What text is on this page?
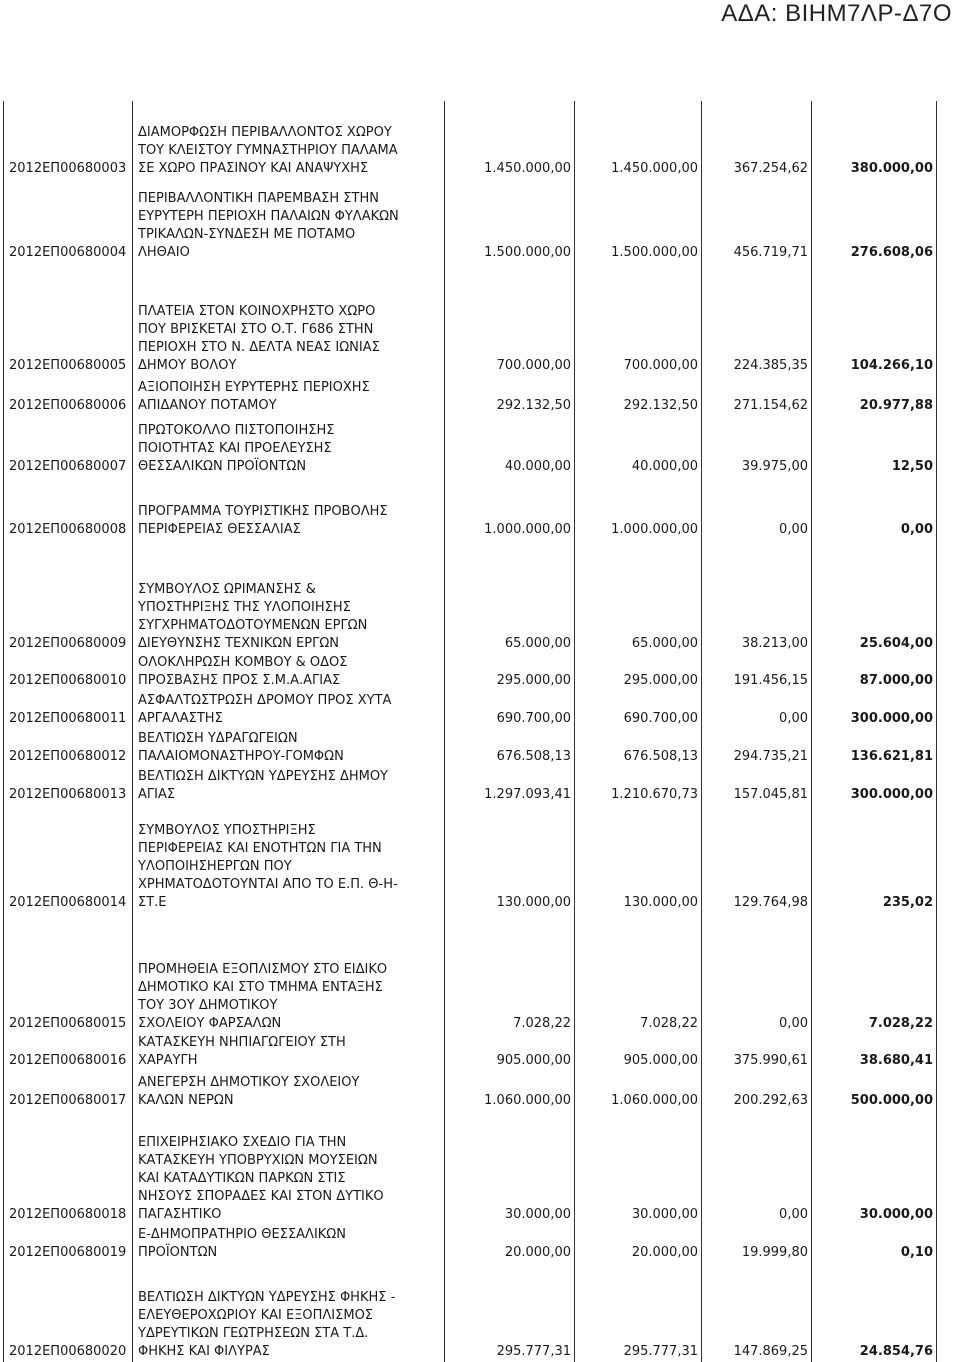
ΑΔΑ: ΒΙΗΜ7ΛΡ-Δ7Ο
2012ΕΠ00680003	ΔΙΑΜΟΡΦΩΣΗ ΠΕΡΙΒΑΛΛΟΝΤΟΣ ΧΩΡΟΥ
ΤΟΥ ΚΛΕΙΣΤΟΥ ΓΥΜΝΑΣΤΗΡΙΟΥ ΠΑΛΑΜΑ
ΣΕ ΧΩΡΟ ΠΡΑΣΙΝΟΥ ΚΑΙ ΑΝΑΨΥΧΗΣ	1.450.000,00	1.450.000,00	367.254,62	380.000,00
2012ΕΠ00680004	ΠΕΡΙΒΑΛΛΟΝΤΙΚΗ ΠΑΡΕΜΒΑΣΗ ΣΤΗΝ
ΕΥΡΥΤΕΡΗ ΠΕΡΙΟΧΗ ΠΑΛΑΙΩΝ ΦΥΛΑΚΩΝ
ΤΡΙΚΑΛΩΝ-ΣΥΝΔΕΣΗ ΜΕ ΠΟΤΑΜΟ
ΛΗΘΑΙΟ	1.500.000,00	1.500.000,00	456.719,71	276.608,06
2012ΕΠ00680005	ΠΛΑΤΕΙΑ ΣΤΟΝ ΚΟΙΝΟΧΡΗΣΤΟ ΧΩΡΟ
ΠΟΥ ΒΡΙΣΚΕΤΑΙ ΣΤΟ Ο.Τ. Γ686 ΣΤΗΝ
ΠΕΡΙΟΧΗ ΣΤΟ Ν. ΔΕΛΤΑ ΝΕΑΣ ΙΩΝΙΑΣ
ΔΗΜΟΥ ΒΟΛΟΥ	700.000,00	700.000,00	224.385,35	104.266,10
2012ΕΠ00680006	ΑΞΙΟΠΟΙΗΣΗ ΕΥΡΥΤΕΡΗΣ ΠΕΡΙΟΧΗΣ
ΑΠΙΔΑΝΟΥ ΠΟΤΑΜΟΥ	292.132,50	292.132,50	271.154,62	20.977,88
2012ΕΠ00680007	ΠΡΩΤΟΚΟΛΛΟ ΠΙΣΤΟΠΟΙΗΣΗΣ
ΠΟΙΟΤΗΤΑΣ ΚΑΙ ΠΡΟΕΛΕΥΣΗΣ
ΘΕΣΣΑΛΙΚΩΝ ΠΡΟΪΟΝΤΩΝ	40.000,00	40.000,00	39.975,00	12,50
2012ΕΠ00680008	ΠΡΟΓΡΑΜΜΑ ΤΟΥΡΙΣΤΙΚΗΣ ΠΡΟΒΟΛΗΣ
ΠΕΡΙΦΕΡΕΙΑΣ ΘΕΣΣΑΛΙΑΣ	1.000.000,00	1.000.000,00	0,00	0,00
2012ΕΠ00680009	ΣΥΜΒΟΥΛΟΣ ΩΡΙΜΑΝΣΗΣ &
ΥΠΟΣΤΗΡΙΞΗΣ ΤΗΣ ΥΛΟΠΟΙΗΣΗΣ
ΣΥΓΧΡΗΜΑΤΟΔΟΤΟΥΜΕΝΩΝ ΕΡΓΩΝ
ΔΙΕΥΘΥΝΣΗΣ ΤΕΧΝΙΚΩΝ ΕΡΓΩΝ	65.000,00	65.000,00	38.213,00	25.604,00
2012ΕΠ00680010	ΟΛΟΚΛΗΡΩΣΗ ΚΟΜΒΟΥ & ΟΔΟΣ
ΠΡΟΣΒΑΣΗΣ ΠΡΟΣ Σ.Μ.Α.ΑΓΙΑΣ	295.000,00	295.000,00	191.456,15	87.000,00
2012ΕΠ00680011	ΑΣΦΑΛΤΩΣΤΡΩΣΗ ΔΡΟΜΟΥ ΠΡΟΣ ΧΥΤΑ
ΑΡΓΑΛΑΣΤΗΣ	690.700,00	690.700,00	0,00	300.000,00
2012ΕΠ00680012	ΒΕΛΤΙΩΣΗ ΥΔΡΑΓΩΓΕΙΩΝ
ΠΑΛΑΙΟΜΟΝΑΣΤΗΡΟΥ-ΓΟΜΦΩΝ	676.508,13	676.508,13	294.735,21	136.621,81
2012ΕΠ00680013	ΒΕΛΤΙΩΣΗ ΔΙΚΤΥΩΝ ΥΔΡΕΥΣΗΣ ΔΗΜΟΥ
ΑΓΙΑΣ	1.297.093,41	1.210.670,73	157.045,81	300.000,00
2012ΕΠ00680014	ΣΥΜΒΟΥΛΟΣ ΥΠΟΣΤΗΡΙΞΗΣ
ΠΕΡΙΦΕΡΕΙΑΣ ΚΑΙ ΕΝΟΤΗΤΩΝ ΓΙΑ ΤΗΝ
ΥΛΟΠΟΙΗΣΗΕΡΓΩΝ ΠΟΥ
ΧΡΗΜΑΤΟΔΟΤΟΥΝΤΑΙ ΑΠΟ ΤΟ Ε.Π. Θ-Η-
ΣΤ.Ε	130.000,00	130.000,00	129.764,98	235,02
2012ΕΠ00680015	ΠΡΟΜΗΘΕΙΑ ΕΞΟΠΛΙΣΜΟΥ ΣΤΟ ΕΙΔΙΚΟ
ΔΗΜΟΤΙΚΟ ΚΑΙ ΣΤΟ ΤΜΗΜΑ ΕΝΤΑΞΗΣ
ΤΟΥ 3ΟΥ ΔΗΜΟΤΙΚΟΥ
ΣΧΟΛΕΙΟΥ ΦΑΡΣΑΛΩΝ	7.028,22	7.028,22	0,00	7.028,22
2012ΕΠ00680016	ΚΑΤΑΣΚΕΥΗ ΝΗΠΙΑΓΩΓΕΙΟΥ ΣΤΗ
ΧΑΡΑΥΓΗ	905.000,00	905.000,00	375.990,61	38.680,41
2012ΕΠ00680017	ΑΝΕΓΕΡΣΗ ΔΗΜΟΤΙΚΟΥ ΣΧΟΛΕΙΟΥ
ΚΑΛΩΝ ΝΕΡΩΝ	1.060.000,00	1.060.000,00	200.292,63	500.000,00
2012ΕΠ00680018	ΕΠΙΧΕΙΡΗΣΙΑΚΟ ΣΧΕΔΙΟ ΓΙΑ ΤΗΝ
ΚΑΤΑΣΚΕΥΗ ΥΠΟΒΡΥΧΙΩΝ ΜΟΥΣΕΙΩΝ
ΚΑΙ ΚΑΤΑΔΥΤΙΚΩΝ ΠΑΡΚΩΝ ΣΤΙΣ
ΝΗΣΟΥΣ ΣΠΟΡΑΔΕΣ ΚΑΙ ΣΤΟΝ ΔΥΤΙΚΟ
ΠΑΓΑΣΗΤΙΚΟ	30.000,00	30.000,00	0,00	30.000,00
2012ΕΠ00680019	Ε-ΔΗΜΟΠΡΑΤΗΡΙΟ ΘΕΣΣΑΛΙΚΩΝ
ΠΡΟΪΟΝΤΩΝ	20.000,00	20.000,00	19.999,80	0,10
2012ΕΠ00680020	ΒΕΛΤΙΩΣΗ ΔΙΚΤΥΩΝ ΥΔΡΕΥΣΗΣ ΦΗΚΗΣ -
ΕΛΕΥΘΕΡΟΧΩΡΙΟΥ ΚΑΙ ΕΞΟΠΛΙΣΜΟΣ
ΥΔΡΕΥΤΙΚΩΝ ΓΕΩΤΡΗΣΕΩΝ ΣΤΑ Τ.Δ.
ΦΗΚΗΣ ΚΑΙ ΦΙΛΥΡΑΣ	295.777,31	295.777,31	147.869,25	24.854,76
